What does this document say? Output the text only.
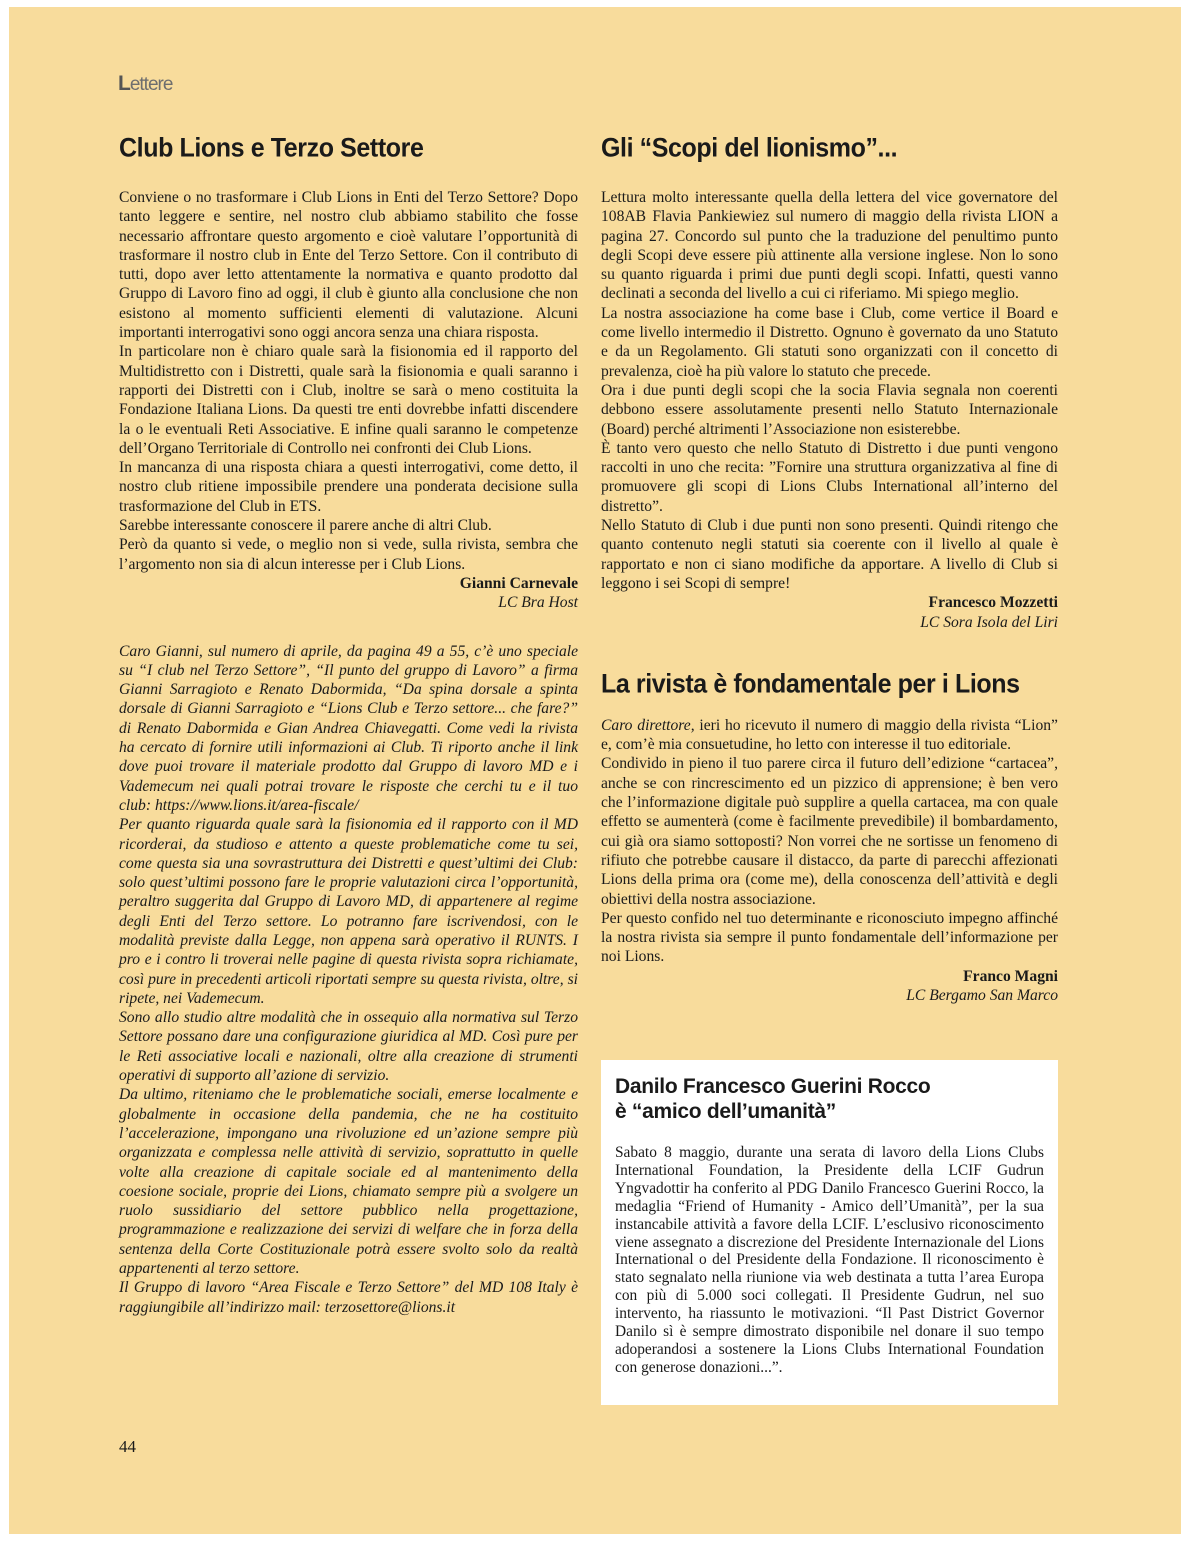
Lettere
Club Lions e Terzo Settore

Conviene o no trasformare i Club Lions in Enti del Terzo Settore? Dopo tanto leggere e sentire, nel nostro club abbiamo stabilito che fosse necessario affrontare questo argomento e cioè valutare l’opportunità di trasformare il nostro club in Ente del Terzo Settore. Con il contributo di tutti, dopo aver letto attentamente la normativa e quanto prodotto dal Gruppo di Lavoro fino ad oggi, il club è giunto alla conclusione che non esistono al momento sufficienti elementi di valutazione. Alcuni importanti interrogativi sono oggi ancora senza una chiara risposta.

In particolare non è chiaro quale sarà la fisionomia ed il rapporto del Multidistretto con i Distretti, quale sarà la fisionomia e quali saranno i rapporti dei Distretti con i Club, inoltre se sarà o meno costituita la Fondazione Italiana Lions. Da questi tre enti dovrebbe infatti discendere la o le eventuali Reti Associative. E infine quali saranno le competenze dell’Organo Territoriale di Controllo nei confronti dei Club Lions.

In mancanza di una risposta chiara a questi interrogativi, come detto, il nostro club ritiene impossibile prendere una ponderata decisione sulla trasformazione del Club in ETS.

Sarebbe interessante conoscere il parere anche di altri Club.

Però da quanto si vede, o meglio non si vede, sulla rivista, sembra che l’argomento non sia di alcun interesse per i Club Lions.

Gianni Carnevale

LC Bra Host

Caro Gianni, sul numero di aprile, da pagina 49 a 55, c’è uno speciale su “I club nel Terzo Settore”, “Il punto del gruppo di Lavoro” a firma Gianni Sarragioto e Renato Dabormida, “Da spina dorsale a spinta dorsale di Gianni Sarragioto e “Lions Club e Terzo settore... che fare?” di Renato Dabormida e Gian Andrea Chiavegatti. Come vedi la rivista ha cercato di fornire utili informazioni ai Club. Ti riporto anche il link dove puoi trovare il materiale prodotto dal Gruppo di lavoro MD e i Vademecum nei quali potrai trovare le risposte che cerchi tu e il tuo club: https://www.lions.it/area-fiscale/

Per quanto riguarda quale sarà la fisionomia ed il rapporto con il MD ricorderai, da studioso e attento a queste problematiche come tu sei, come questa sia una sovrastruttura dei Distretti e quest’ultimi dei Club: solo quest’ultimi possono fare le proprie valutazioni circa l’opportunità, peraltro suggerita dal Gruppo di Lavoro MD, di appartenere al regime degli Enti del Terzo settore. Lo potranno fare iscrivendosi, con le modalità previste dalla Legge, non appena sarà operativo il RUNTS. I pro e i contro li troverai nelle pagine di questa rivista sopra richiamate, così pure in precedenti articoli riportati sempre su questa rivista, oltre, si ripete, nei Vademecum.

Sono allo studio altre modalità che in ossequio alla normativa sul Terzo Settore possano dare una configurazione giuridica al MD. Così pure per le Reti associative locali e nazionali, oltre alla creazione di strumenti operativi di supporto all’azione di servizio.

Da ultimo, riteniamo che le problematiche sociali, emerse localmente e globalmente in occasione della pandemia, che ne ha costituito l’accelerazione, impongano una rivoluzione ed un’azione sempre più organizzata e complessa nelle attività di servizio, soprattutto in quelle volte alla creazione di capitale sociale ed al mantenimento della coesione sociale, proprie dei Lions, chiamato sempre più a svolgere un ruolo sussidiario del settore pubblico nella progettazione, programmazione e realizzazione dei servizi di welfare che in forza della sentenza della Corte Costituzionale potrà essere svolto solo da realtà appartenenti al terzo settore.

Il Gruppo di lavoro “Area Fiscale e Terzo Settore” del MD 108 Italy è raggiungibile all’indirizzo mail: terzosettore@lions.it

Gli “Scopi del lionismo”...

Lettura molto interessante quella della lettera del vice governatore del 108AB Flavia Pankiewiez sul numero di maggio della rivista LION a pagina 27. Concordo sul punto che la traduzione del penultimo punto degli Scopi deve essere più attinente alla versione inglese. Non lo sono su quanto riguarda i primi due punti degli scopi. Infatti, questi vanno declinati a seconda del livello a cui ci riferiamo. Mi spiego meglio.

La nostra associazione ha come base i Club, come vertice il Board e come livello intermedio il Distretto. Ognuno è governato da uno Statuto e da un Regolamento. Gli statuti sono organizzati con il concetto di prevalenza, cioè ha più valore lo statuto che precede.

Ora i due punti degli scopi che la socia Flavia segnala non coerenti debbono essere assolutamente presenti nello Statuto Internazionale (Board) perché altrimenti l’Associazione non esisterebbe.

È tanto vero questo che nello Statuto di Distretto i due punti vengono raccolti in uno che recita: ”Fornire una struttura organizzativa al fine di promuovere gli scopi di Lions Clubs International all’interno del distretto”.

Nello Statuto di Club i due punti non sono presenti. Quindi ritengo che quanto contenuto negli statuti sia coerente con il livello al quale è rapportato e non ci siano modifiche da apportare. A livello di Club si leggono i sei Scopi di sempre!

Francesco Mozzetti

LC Sora Isola del Liri

La rivista è fondamentale per i Lions

Caro direttore, ieri ho ricevuto il numero di maggio della rivista “Lion” e, com’è mia consuetudine, ho letto con interesse il tuo editoriale.

Condivido in pieno il tuo parere circa il futuro dell’edizione “cartacea”, anche se con rincrescimento ed un pizzico di apprensione; è ben vero che l’informazione digitale può supplire a quella cartacea, ma con quale effetto se aumenterà (come è facilmente prevedibile) il bombardamento, cui già ora siamo sottoposti? Non vorrei che ne sortisse un fenomeno di rifiuto che potrebbe causare il distacco, da parte di parecchi affezionati Lions della prima ora (come me), della conoscenza dell’attività e degli obiettivi della nostra associazione.

Per questo confido nel tuo determinante e riconosciuto impegno affinché la nostra rivista sia sempre il punto fondamentale dell’informazione per noi Lions.

Franco Magni

LC Bergamo San Marco

Danilo Francesco Guerini Rocco
è “amico dell’umanità”

Sabato 8 maggio, durante una serata di lavoro della Lions Clubs International Foundation, la Presidente della LCIF Gudrun Yngvadottir ha conferito al PDG Danilo Francesco Guerini Rocco, la medaglia “Friend of Humanity - Amico dell’Umanità”, per la sua instancabile attività a favore della LCIF. L’esclusivo riconoscimento viene assegnato a discrezione del Presidente Internazionale del Lions International o del Presidente della Fondazione. Il riconoscimento è stato segnalato nella riunione via web destinata a tutta l’area Europa con più di 5.000 soci collegati. Il Presidente Gudrun, nel suo intervento, ha riassunto le motivazioni. “Il Past District Governor Danilo sì è sempre dimostrato disponibile nel donare il suo tempo adoperandosi a sostenere la Lions Clubs International Foundation con generose donazioni...”.

44
